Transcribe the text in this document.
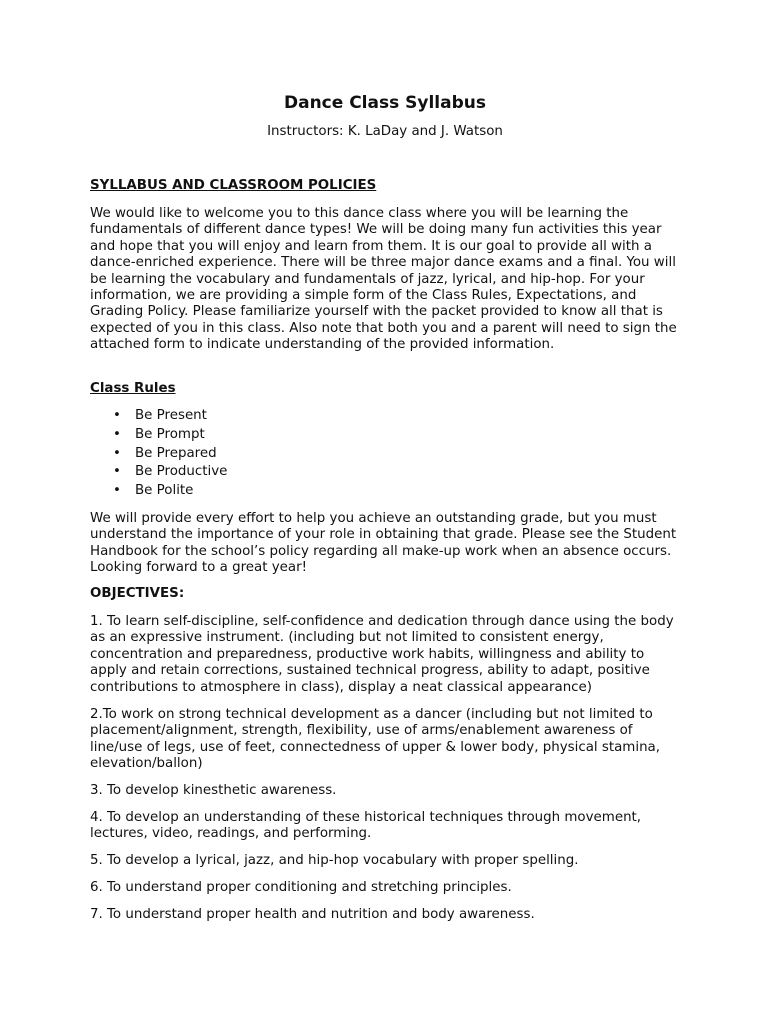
Dance Class Syllabus
Instructors: K. LaDay and J. Watson
SYLLABUS AND CLASSROOM POLICIES

We would like to welcome you to this dance class where you will be learning the fundamentals of different dance types! We will be doing many fun activities this year and hope that you will enjoy and learn from them. It is our goal to provide all with a dance-enriched experience. There will be three major dance exams and a final. You will be learning the vocabulary and fundamentals of jazz, lyrical, and hip-hop. For your information, we are providing a simple form of the Class Rules, Expectations, and Grading Policy. Please familiarize yourself with the packet provided to know all that is expected of you in this class. Also note that both you and a parent will need to sign the attached form to indicate understanding of the provided information.

Class Rules
• Be Present
• Be Prompt
• Be Prepared
• Be Productive
• Be Polite

We will provide every effort to help you achieve an outstanding grade, but you must understand the importance of your role in obtaining that grade. Please see the Student Handbook for the school’s policy regarding all make-up work when an absence occurs. Looking forward to a great year!

OBJECTIVES:

1. To learn self-discipline, self-confidence and dedication through dance using the body as an expressive instrument. (including but not limited to consistent energy, concentration and preparedness, productive work habits, willingness and ability to apply and retain corrections, sustained technical progress, ability to adapt, positive contributions to atmosphere in class), display a neat classical appearance)

2.To work on strong technical development as a dancer (including but not limited to placement/alignment, strength, flexibility, use of arms/enablement awareness of line/use of legs, use of feet, connectedness of upper & lower body, physical stamina, elevation/ballon)

3. To develop kinesthetic awareness.

4. To develop an understanding of these historical techniques through movement, lectures, video, readings, and performing.

5. To develop a lyrical, jazz, and hip-hop vocabulary with proper spelling.

6. To understand proper conditioning and stretching principles.

7. To understand proper health and nutrition and body awareness.
